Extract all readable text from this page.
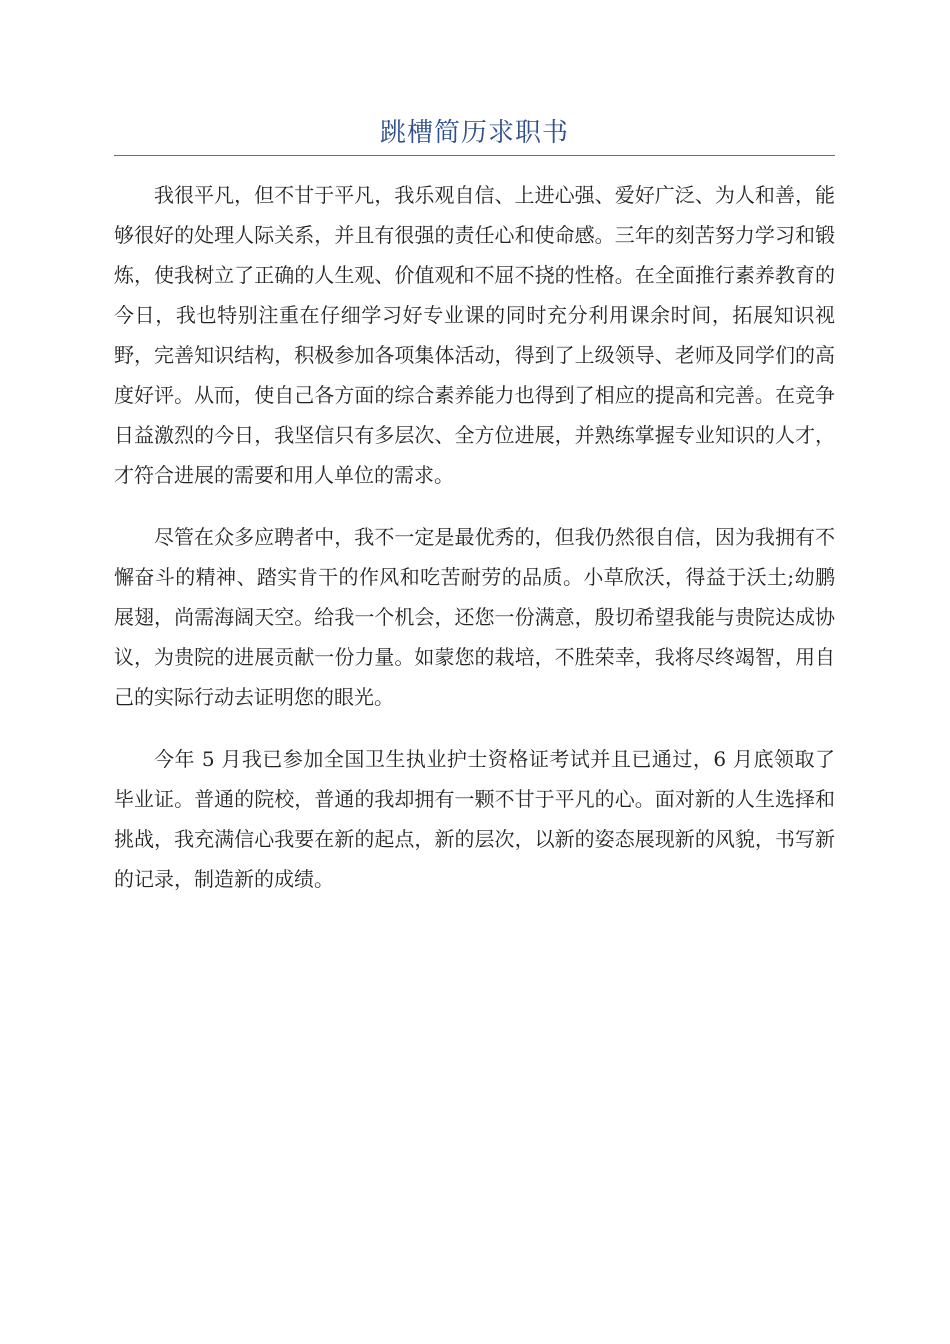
跳槽简历求职书

我很平凡，但不甘于平凡，我乐观自信、上进心强、爱好广泛、为人和善，能够很好的处理人际关系，并且有很强的责任心和使命感。三年的刻苦努力学习和锻炼，使我树立了正确的人生观、价值观和不屈不挠的性格。在全面推行素养教育的今日，我也特别注重在仔细学习好专业课的同时充分利用课余时间，拓展知识视野，完善知识结构，积极参加各项集体活动，得到了上级领导、老师及同学们的高度好评。从而，使自己各方面的综合素养能力也得到了相应的提高和完善。在竞争日益激烈的今日，我坚信只有多层次、全方位进展，并熟练掌握专业知识的人才，才符合进展的需要和用人单位的需求。

尽管在众多应聘者中，我不一定是最优秀的，但我仍然很自信，因为我拥有不懈奋斗的精神、踏实肯干的作风和吃苦耐劳的品质。小草欣沃，得益于沃土;幼鹏展翅，尚需海阔天空。给我一个机会，还您一份满意，殷切希望我能与贵院达成协议，为贵院的进展贡献一份力量。如蒙您的栽培，不胜荣幸，我将尽终竭智，用自己的实际行动去证明您的眼光。

今年 5 月我已参加全国卫生执业护士资格证考试并且已通过，6 月底领取了毕业证。普通的院校，普通的我却拥有一颗不甘于平凡的心。面对新的人生选择和挑战，我充满信心我要在新的起点，新的层次，以新的姿态展现新的风貌，书写新的记录，制造新的成绩。
